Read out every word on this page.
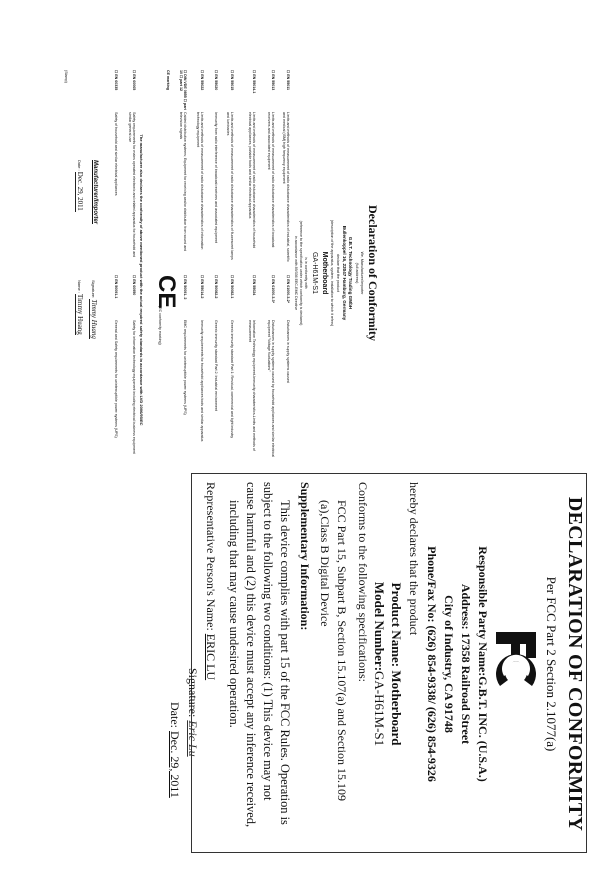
Declaration of Conformity
We, Manufacturer/Importer
(full address)
G.B.T. Technology Trading GMbH
Bullenkoppel 16, 22047 Hamburg, Germany
declare that the product
(description of the apparatus, system, installation to which it refers)
Motherboard
GA-H61M-S1
is in conformity with
(reference to the specification under which conformity is declared)
in accordance with 89/336 EEC-EMC Directive
☐ EN 55011
Limits and methods of measurement of radio disturbance characteristics of industrial, scientific and medical (ISM) high frequency equipment
☐ EN 61000-3-2*
Disturbances in supply systems caused
☐ EN 55013
Limits and methods of measurement of radio disturbance characteristics of broadcast receivers and associated equipment
☐ EN 61000-3-3*
Disturbances in supply systems caused by household appliances and similar electrical equipment "Voltage fluctuations"
☐ EN 55014-1
Limits and methods of measurement of radio disturbance characteristics of household electrical appliances, portable tools and similar electrical apparatus
☐ EN 55024
Information Technology equipment-Immunity characteristics-Limits and methods of measurement
☐ EN 55015
Limits and methods of measurement of radio disturbance characteristics of fluorescent lamps and luminaries
☐ EN 50082-1
Generic immunity standard Part 1: Residual, commercial and light industry
☐ EN 55020
Immunity from radio interference of broadcast receivers and associated equipment
☐ EN 50082-2
Generic immunity standard Part 2: Industrial environment
☐ EN 55022
Limits and methods of measurement of radio disturbance characteristics of information technology equipment
☐ EN 55014-2
Immunity requirements for household appliances tools and similar apparatus
☐ DIN VDE 0855 ☐ part 10 ☐ part 12
Cabled distribution systems; Equipment for receiving and/or distribution from sound and television signals
☐ EN 50091- 2
EMC requirements for uninterruptible power systems (UPS)
CE marking
CE
(EC conformity marking)
The manufacturer also declares the conformity of above mentioned product with the actual required safety standards in accordance with LVD 2006/95/EC
☐ EN 60065
Safety requirements for mains operated electronic and related apparatus for household and similar general use
☐ EN 60950
Safety for information technology equipment including electrical business equipment
☐ EN 60335
Safety of household and similar electrical appliances
☐ EN 50091-1
General and Safety requirements for uninterruptible power systems (UPS)
Manufacturer/Importer
Signature: Timmy Huang
Name : Timmy Huang
Date : Dec. 29, 2011
(Stamp)
DECLARATION OF CONFORMITY
Per FCC Part 2 Section 2.1077(a)
Responsible Party Name:G.B.T. INC. (U.S.A.)
Address: 17358 Railroad Street
City of Industry, CA 91748
Phone/Fax No: (626) 854-9338/ (626) 854-9326
hereby declares that the product
Product Name: Motherboard
Model Number:GA-H61M-S1
Conforms to the following specifications:
FCC Part 15, Subpart B, Section 15.107(a) and Section 15.109
(a),Class B Digital Device
Supplementary Information:
This device complies with part 15 of the FCC Rules. Operation is
subject to the following two conditions: (1) This device may not
cause harmful and (2) this device must accept any inference received,
including that may cause undesired operation.
Representative Person's Name: ERIC LU
Signature: Eric Lu
Date: Dec. 29, 2011
